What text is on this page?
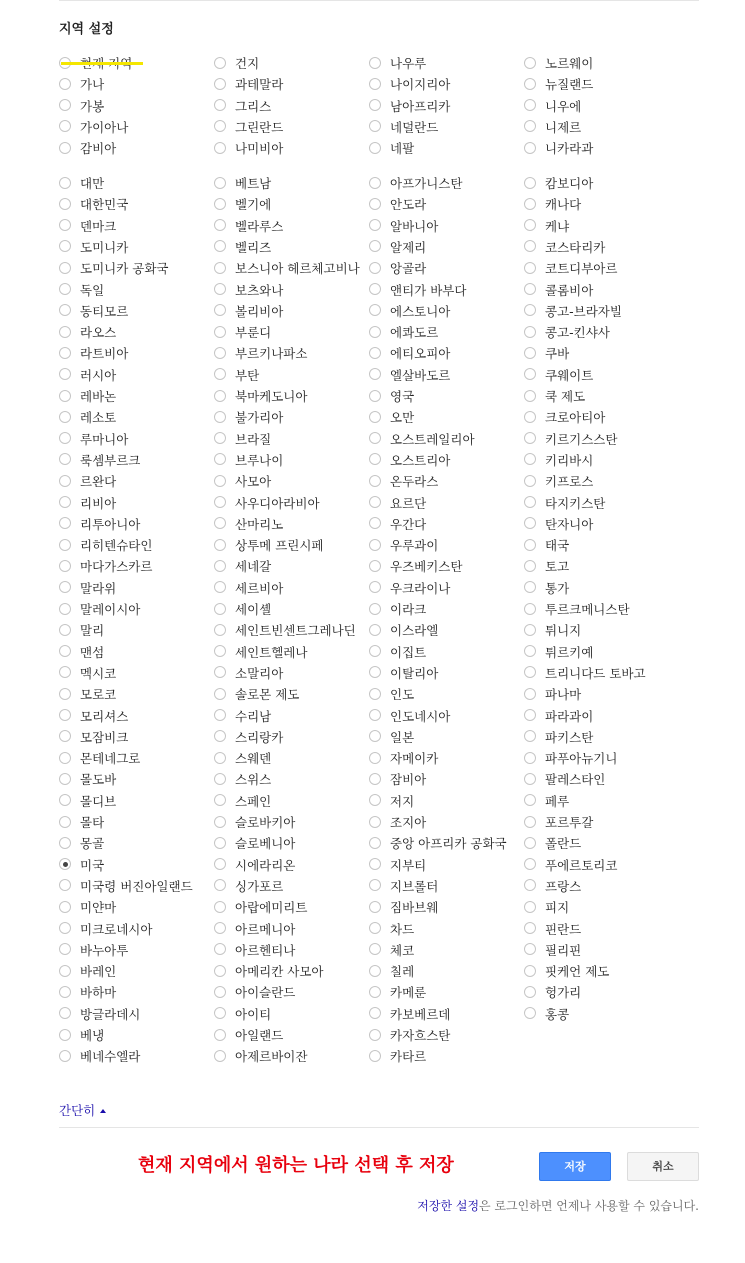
지역 설정
가나
가봉
가이아나
감비아
건지
과테말라
그리스
그린란드
나미비아
나우루
나이지리아
남아프리카
네덜란드
네팔
노르웨이
뉴질랜드
니우에
니제르
니카라과
대만
대한민국
덴마크
도미니카
도미니카 공화국
독일
동티모르
라오스
라트비아
러시아
레바논
레소토
루마니아
룩셈부르크
르완다
리비아
리투아니아
리히텐슈타인
마다가스카르
말라위
말레이시아
말리
맨섬
멕시코
모로코
모리셔스
모잠비크
몬테네그로
몰도바
몰디브
몰타
몽골
미국
미국령 버진아일랜드
미얀마
미크로네시아
바누아투
바레인
바하마
방글라데시
베냉
베네수엘라
베트남
벨기에
벨라루스
벨리즈
보스니아 헤르체고비나
보츠와나
볼리비아
부룬디
부르키나파소
부탄
북마케도니아
불가리아
브라질
브루나이
사모아
사우디아라비아
산마리노
상투메 프린시페
세네갈
세르비아
세이셸
세인트빈센트그레나딘
세인트헬레나
소말리아
솔로몬 제도
수리남
스리랑카
스웨덴
스위스
스페인
슬로바키아
슬로베니아
시에라리온
싱가포르
아랍에미리트
아르메니아
아르헨티나
아메리칸 사모아
아이슬란드
아이티
아일랜드
아제르바이잔
아프가니스탄
안도라
알바니아
알제리
앙골라
앤티가 바부다
에스토니아
에콰도르
에티오피아
엘살바도르
영국
오만
오스트레일리아
오스트리아
온두라스
요르단
우간다
우루과이
우즈베키스탄
우크라이나
이라크
이스라엘
이집트
이탈리아
인도
인도네시아
일본
자메이카
잠비아
저지
조지아
중앙 아프리카 공화국
지부티
지브롤터
짐바브웨
차드
체코
칠레
카메룬
카보베르데
카자흐스탄
카타르
캄보디아
캐나다
케냐
코스타리카
코트디부아르
콜롬비아
콩고-브라자빌
콩고-킨샤사
쿠바
쿠웨이트
쿡 제도
크로아티아
키르기스스탄
키리바시
키프로스
타지키스탄
탄자니아
태국
토고
통가
투르크메니스탄
튀니지
튀르키예
트리니다드 토바고
파나마
파라과이
파키스탄
파푸아뉴기니
팔레스타인
페루
포르투갈
폴란드
푸에르토리코
프랑스
피지
핀란드
필리핀
핏케언 제도
헝가리
홍콩
간단히
현재 지역에서 원하는 나라 선택 후 저장	저장	취소
저장한 설정은 로그인하면 언제나 사용할 수 있습니다.
